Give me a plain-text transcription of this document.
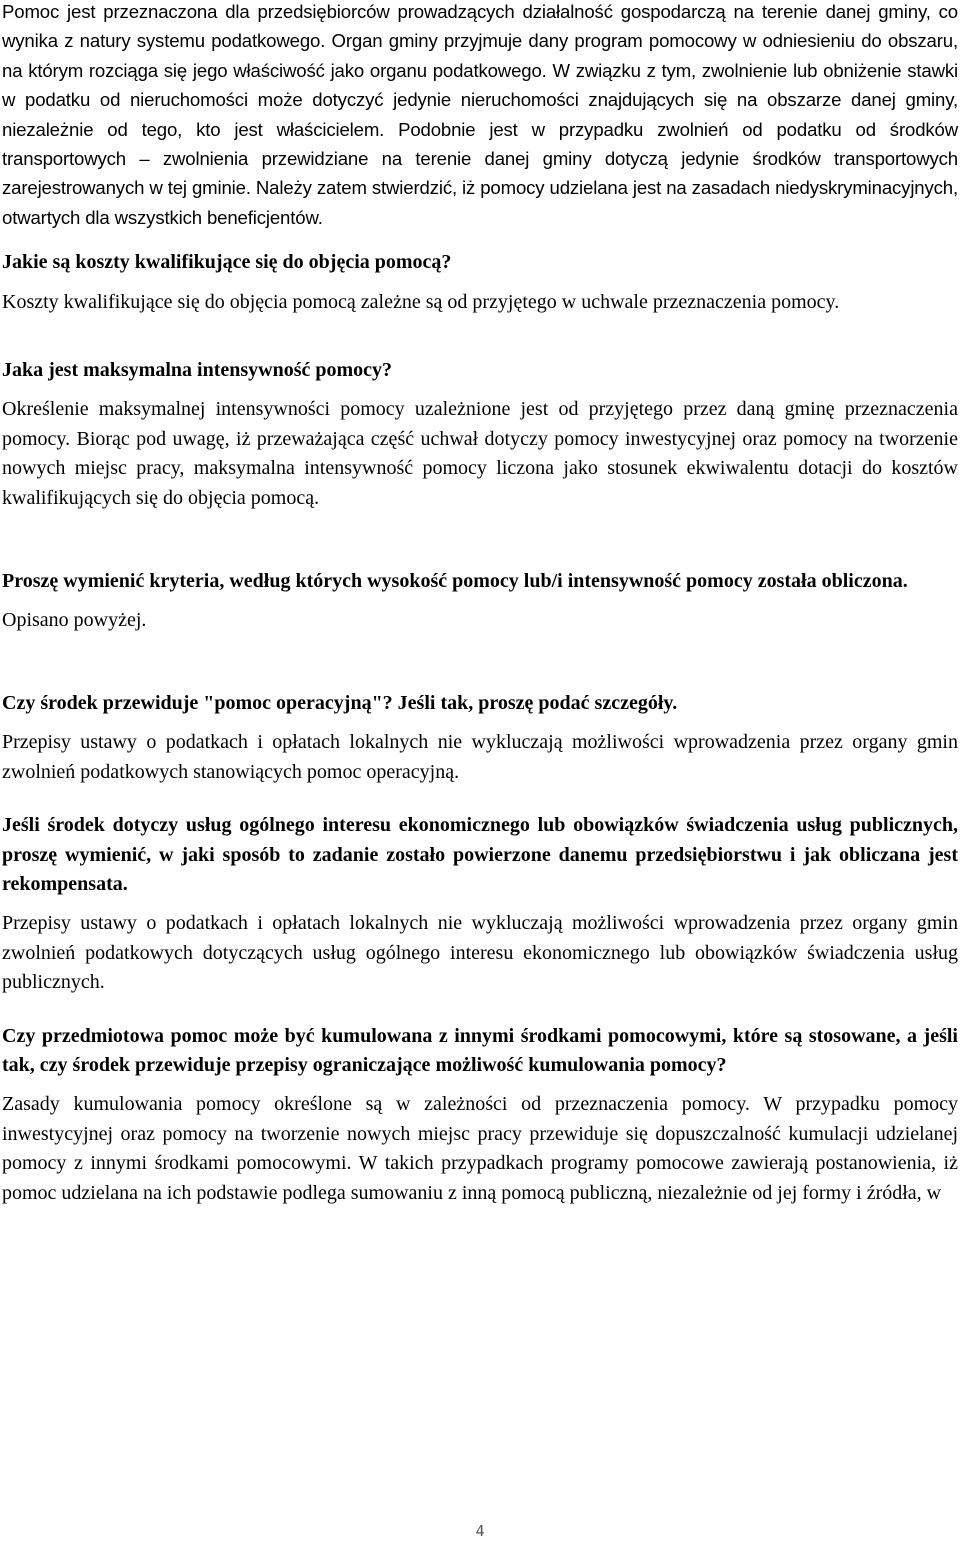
Pomoc jest przeznaczona dla przedsiębiorców prowadzących działalność gospodarczą na terenie danej gminy, co wynika z natury systemu podatkowego. Organ gminy przyjmuje dany program pomocowy w odniesieniu do obszaru, na którym rozciąga się jego właściwość jako organu podatkowego. W związku z tym, zwolnienie lub obniżenie stawki w podatku od nieruchomości może dotyczyć jedynie nieruchomości znajdujących się na obszarze danej gminy, niezależnie od tego, kto jest właścicielem. Podobnie jest w przypadku zwolnień od podatku od środków transportowych – zwolnienia przewidziane na terenie danej gminy dotyczą jedynie środków transportowych zarejestrowanych w tej gminie. Należy zatem stwierdzić, iż pomocy udzielana jest na zasadach niedyskryminacyjnych, otwartych dla wszystkich beneficjentów.

Jakie są koszty kwalifikujące się do objęcia pomocą?

Koszty kwalifikujące się do objęcia pomocą zależne są od przyjętego w uchwale przeznaczenia pomocy.

Jaka jest maksymalna intensywność pomocy?

Określenie maksymalnej intensywności pomocy uzależnione jest od przyjętego przez daną gminę przeznaczenia pomocy. Biorąc pod uwagę, iż przeważająca część uchwał dotyczy pomocy inwestycyjnej oraz pomocy na tworzenie nowych miejsc pracy, maksymalna intensywność pomocy liczona jako stosunek ekwiwalentu dotacji do kosztów kwalifikujących się do objęcia pomocą.

Proszę wymienić kryteria, według których wysokość pomocy lub/i intensywność pomocy została obliczona.

Opisano powyżej.

Czy środek przewiduje "pomoc operacyjną"? Jeśli tak, proszę podać szczegóły.

Przepisy ustawy o podatkach i opłatach lokalnych nie wykluczają możliwości wprowadzenia przez organy gmin zwolnień podatkowych stanowiących pomoc operacyjną.

Jeśli środek dotyczy usług ogólnego interesu ekonomicznego lub obowiązków świadczenia usług publicznych, proszę wymienić, w jaki sposób to zadanie zostało powierzone danemu przedsiębiorstwu i jak obliczana jest rekompensata.

Przepisy ustawy o podatkach i opłatach lokalnych nie wykluczają możliwości wprowadzenia przez organy gmin zwolnień podatkowych dotyczących usług ogólnego interesu ekonomicznego lub obowiązków świadczenia usług publicznych.

Czy przedmiotowa pomoc może być kumulowana z innymi środkami pomocowymi, które są stosowane, a jeśli tak, czy środek przewiduje przepisy ograniczające możliwość kumulowania pomocy?

Zasady kumulowania pomocy określone są w zależności od przeznaczenia pomocy. W przypadku pomocy inwestycyjnej oraz pomocy na tworzenie nowych miejsc pracy przewiduje się dopuszczalność kumulacji udzielanej pomocy z innymi środkami pomocowymi. W takich przypadkach programy pomocowe zawierają postanowienia, iż pomoc udzielana na ich podstawie podlega sumowaniu z inną pomocą publiczną, niezależnie od jej formy i źródła, w

4
